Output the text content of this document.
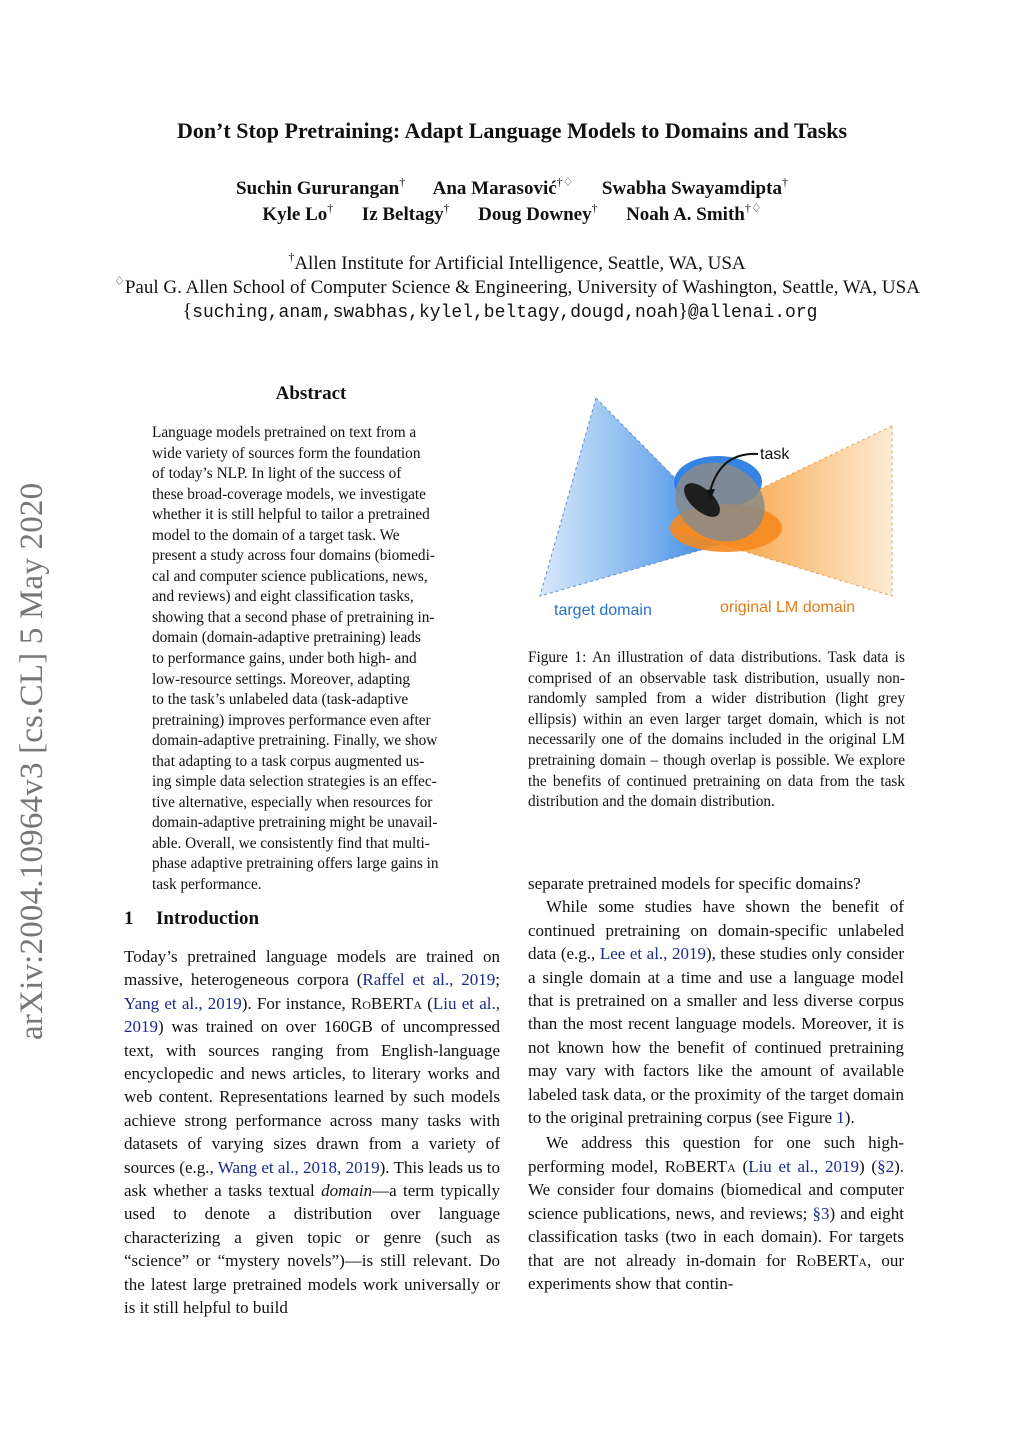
Don’t Stop Pretraining: Adapt Language Models to Domains and Tasks
Suchin Gururangan† Ana Marasović†♢ Swabha Swayamdipta†
Kyle Lo† Iz Beltagy† Doug Downey† Noah A. Smith†♢
†Allen Institute for Artificial Intelligence, Seattle, WA, USA
♢Paul G. Allen School of Computer Science & Engineering, University of Washington, Seattle, WA, USA
{suching,anam,swabhas,kylel,beltagy,dougd,noah}@allenai.org
arXiv:2004.10964v3 [cs.CL] 5 May 2020
Abstract
Language models pretrained on text from a
wide variety of sources form the foundation
of today’s NLP. In light of the success of
these broad-coverage models, we investigate
whether it is still helpful to tailor a pretrained
model to the domain of a target task. We
present a study across four domains (biomedi-
cal and computer science publications, news,
and reviews) and eight classification tasks,
showing that a second phase of pretraining in-
domain (domain-adaptive pretraining) leads
to performance gains, under both high- and
low-resource settings. Moreover, adapting
to the task’s unlabeled data (task-adaptive
pretraining) improves performance even after
domain-adaptive pretraining. Finally, we show
that adapting to a task corpus augmented us-
ing simple data selection strategies is an effec-
tive alternative, especially when resources for
domain-adaptive pretraining might be unavail-
able. Overall, we consistently find that multi-
phase adaptive pretraining offers large gains in
task performance.
task
target domain	original LM domain
Figure 1: An illustration of data distributions. Task data is comprised of an observable task distribution, usually non-randomly sampled from a wider distribution (light grey ellipsis) within an even larger target domain, which is not necessarily one of the domains included in the original LM pretraining domain – though overlap is possible. We explore the benefits of continued pretraining on data from the task distribution and the domain distribution.
1 Introduction

Today’s pretrained language models are trained on massive, heterogeneous corpora (Raffel et al., 2019; Yang et al., 2019). For instance, RoBERTa (Liu et al., 2019) was trained on over 160GB of uncompressed text, with sources ranging from English-language encyclopedic and news articles, to literary works and web content. Representations learned by such models achieve strong performance across many tasks with datasets of varying sizes drawn from a variety of sources (e.g., Wang et al., 2018, 2019). This leads us to ask whether a tasks textual domain—a term typically used to denote a distribution over language characterizing a given topic or genre (such as “science” or “mystery novels”)—is still relevant. Do the latest large pretrained models work universally or is it still helpful to build

separate pretrained models for specific domains?

While some studies have shown the benefit of continued pretraining on domain-specific unlabeled data (e.g., Lee et al., 2019), these studies only consider a single domain at a time and use a language model that is pretrained on a smaller and less diverse corpus than the most recent language models. Moreover, it is not known how the benefit of continued pretraining may vary with factors like the amount of available labeled task data, or the proximity of the target domain to the original pretraining corpus (see Figure 1).

We address this question for one such high-performing model, RoBERTa (Liu et al., 2019) (§2). We consider four domains (biomedical and computer science publications, news, and reviews; §3) and eight classification tasks (two in each domain). For targets that are not already in-domain for RoBERTa, our experiments show that contin-
